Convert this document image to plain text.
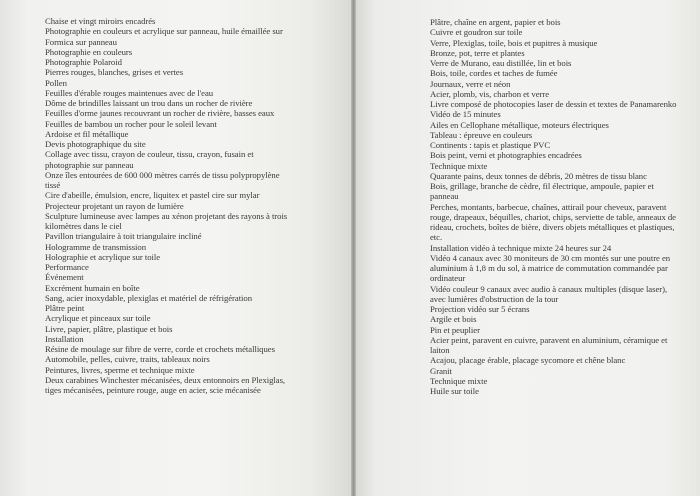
Chaise et vingt miroirs encadrés
Photographie en couleurs et acrylique sur panneau, huile émaillée sur Formica sur panneau
Photographie en couleurs
Photographie Polaroid
Pierres rouges, blanches, grises et vertes
Pollen
Feuilles d'érable rouges maintenues avec de l'eau
Dôme de brindilles laissant un trou dans un rocher de rivière
Feuilles d'orme jaunes recouvrant un rocher de rivière, basses eaux
Feuilles de bambou un rocher pour le soleil levant
Ardoise et fil métallique
Devis photographique du site
Collage avec tissu, crayon de couleur, tissu, crayon, fusain et photographie sur panneau
Onze îles entourées de 600 000 mètres carrés de tissu polypropylène tissé
Cire d'abeille, émulsion, encre, liquitex et pastel cire sur mylar
Projecteur projetant un rayon de lumière
Sculpture lumineuse avec lampes au xénon projetant des rayons à trois kilomètres dans le ciel
Pavillon triangulaire à toit triangulaire incliné
Hologramme de transmission
Holographie et acrylique sur toile
Performance
Événement
Excrément humain en boîte
Sang, acier inoxydable, plexiglas et matériel de réfrigération
Plâtre peint
Acrylique et pinceaux sur toile
Livre, papier, plâtre, plastique et bois
Installation
Résine de moulage sur fibre de verre, corde et crochets métalliques
Automobile, pelles, cuivre, traits, tableaux noirs
Peintures, livres, sperme et technique mixte
Deux carabines Winchester mécanisées, deux entonnoirs en Plexiglas, tiges mécanisées, peinture rouge, auge en acier, scie mécanisée
Plâtre, chaîne en argent, papier et bois
Cuivre et goudron sur toile
Verre, Plexiglas, toile, bois et pupitres à musique
Bronze, pot, terre et plantes
Verre de Murano, eau distillée, lin et bois
Bois, toile, cordes et taches de fumée
Journaux, verre et néon
Acier, plomb, vis, charbon et verre
Livre composé de photocopies laser de dessin et textes de Panamarenko
Vidéo de 15 minutes
Ailes en Cellophane métallique, moteurs électriques
Tableau : épreuve en couleurs
Continents : tapis et plastique PVC
Bois peint, verni et photographies encadrées
Technique mixte
Quarante pains, deux tonnes de débris, 20 mètres de tissu blanc
Bois, grillage, branche de cèdre, fil électrique, ampoule, papier et panneau
Perches, montants, barbecue, chaînes, attirail pour cheveux, paravent rouge, drapeaux, béquilles, chariot, chips, serviette de table, anneaux de rideau, crochets, boîtes de bière, divers objets métalliques et plastiques, etc.
Installation vidéo à technique mixte 24 heures sur 24
Vidéo 4 canaux avec 30 moniteurs de 30 cm montés sur une poutre en aluminium à 1,8 m du sol, à matrice de commutation commandée par ordinateur
Vidéo couleur 9 canaux avec audio à canaux multiples (disque laser), avec lumières d'obstruction de la tour
Projection vidéo sur 5 écrans
Argile et bois
Pin et peuplier
Acier peint, paravent en cuivre, paravent en aluminium, céramique et laiton
Acajou, placage érable, placage sycomore et chêne blanc
Granit
Technique mixte
Huile sur toile
